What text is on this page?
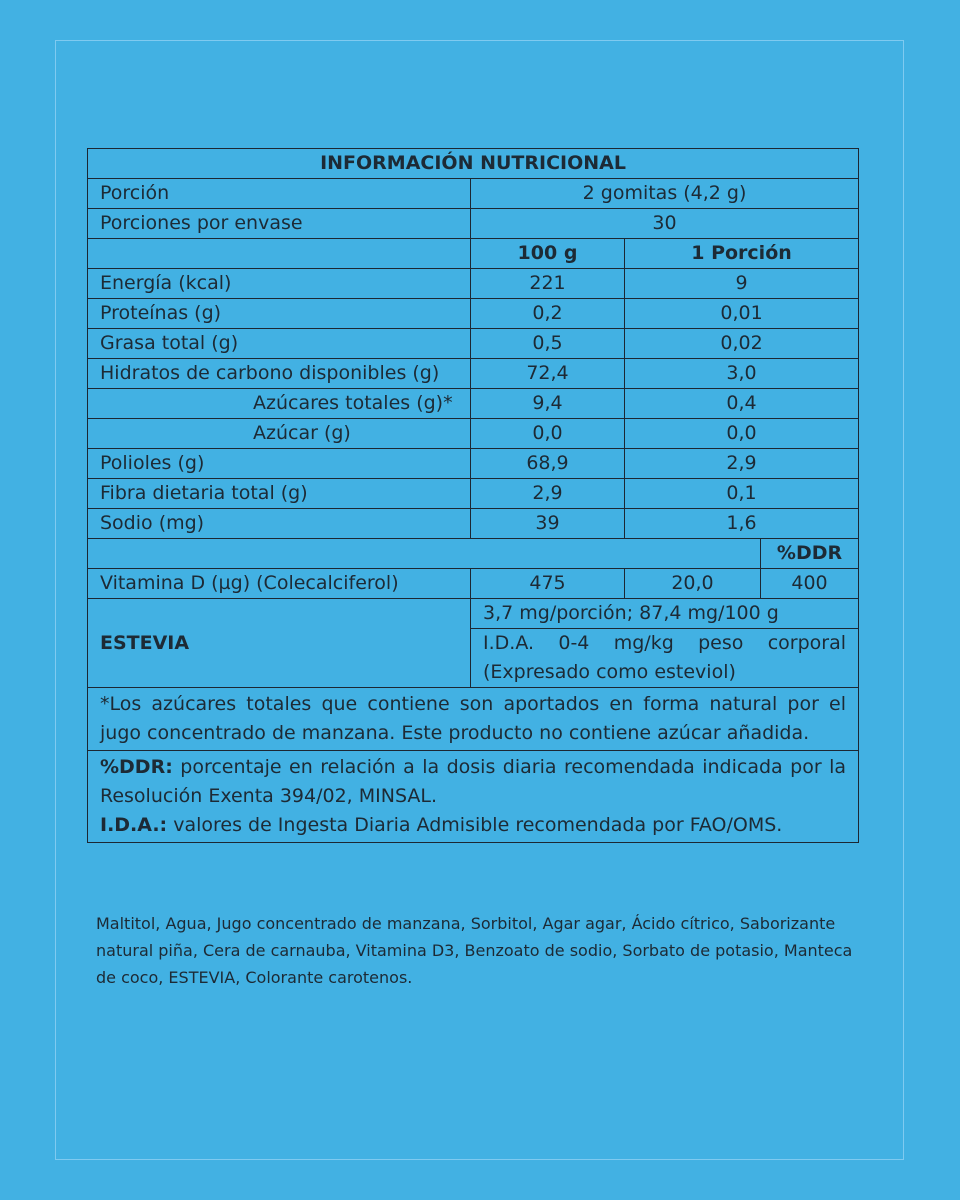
INFORMACIÓN NUTRICIONAL			
Porción	2 gomitas (4,2 g)		
Porciones por envase	30		
	100 g	1 Porción	
Energía (kcal)	221	9	
Proteínas (g)	0,2	0,01	
Grasa total (g)	0,5	0,02	
Hidratos de carbono disponibles (g)	72,4	3,0	
Azúcares totales (g)*	9,4	0,4	
Azúcar (g)	0,0	0,0	
Polioles (g)	68,9	2,9	
Fibra dietaria total (g)	2,9	0,1	
Sodio (mg)	39	1,6	
			%DDR
Vitamina D (µg) (Colecalciferol)	475	20,0	400
ESTEVIA	3,7 mg/porción; 87,4 mg/100 g		
	I.D.A. 0-4 mg/kg peso corporal (Expresado como esteviol)		
*Los azúcares totales que contiene son aportados en forma natural por el jugo concentrado de manzana. Este producto no contiene azúcar añadida.			

%DDR: porcentaje en relación a la dosis diaria recomendada indicada por la Resolución Exenta 394/02, MINSAL.
I.D.A.: valores de Ingesta Diaria Admisible recomendada por FAO/OMS.			
Maltitol, Agua, Jugo concentrado de manzana, Sorbitol, Agar agar, Ácido cítrico, Saborizante natural piña, Cera de carnauba, Vitamina D3, Benzoato de sodio, Sorbato de potasio, Manteca de coco, ESTEVIA, Colorante carotenos.
